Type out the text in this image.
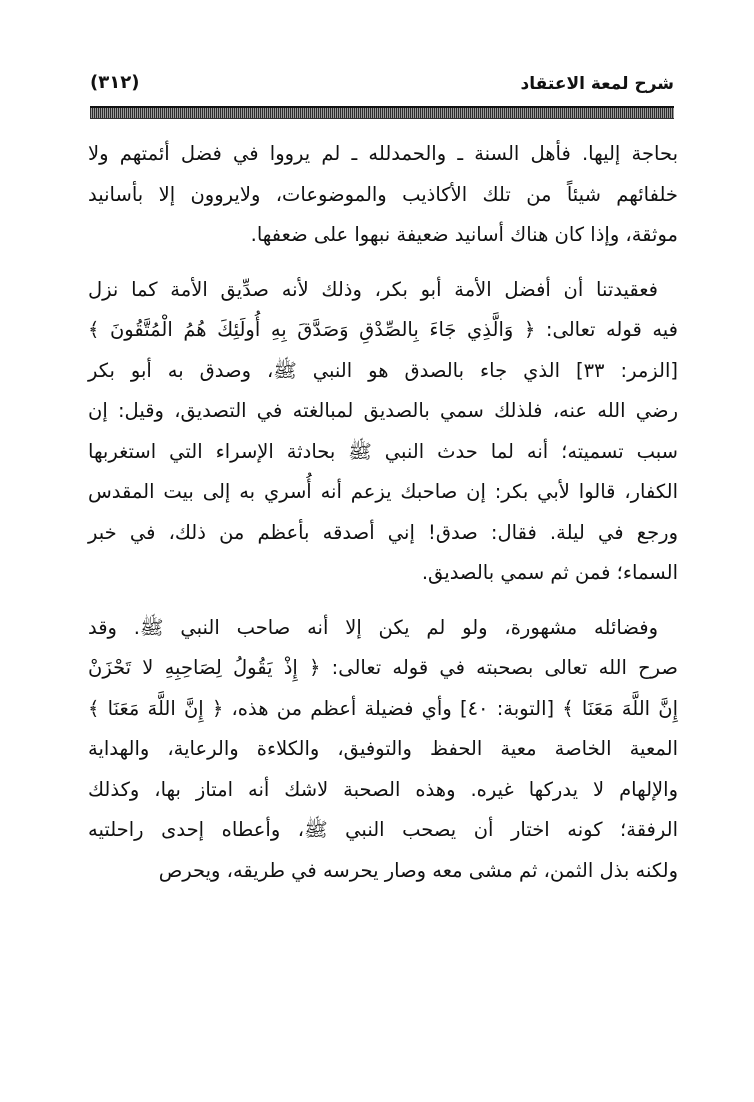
شرح لمعة الاعتقاد
(٣١٢)

بحاجة إليها. فأهل السنة ـ والحمدلله ـ لم يرووا في فضل أئمتهم ولا
خلفائهم شيئاً من تلك الأكاذيب والموضوعات، ولايروون إلا بأسانيد
موثقة، وإذا كان هناك أسانيد ضعيفة نبهوا على ضعفها.

فعقيدتنا أن أفضل الأمة أبو بكر، وذلك لأنه صدِّيق الأمة كما نزل
فيه قوله تعالى: ﴿ وَالَّذِي جَاءَ بِالصِّدْقِ وَصَدَّقَ بِهِ أُولَئِكَ هُمُ الْمُتَّقُونَ ﴾
[الزمر: ٣٣] الذي جاء بالصدق هو النبي ﷺ، وصدق به أبو بكر
رضي الله عنه، فلذلك سمي بالصديق لمبالغته في التصديق، وقيل: إن
سبب تسميته؛ أنه لما حدث النبي ﷺ بحادثة الإسراء التي استغربها
الكفار، قالوا لأبي بكر: إن صاحبك يزعم أنه أُسري به إلى بيت المقدس
ورجع في ليلة. فقال: صدق! إني أصدقه بأعظم من ذلك، في خبر
السماء؛ فمن ثم سمي بالصديق.

وفضائله مشهورة، ولو لم يكن إلا أنه صاحب النبي ﷺ. وقد
صرح الله تعالى بصحبته في قوله تعالى: ﴿ إِذْ يَقُولُ لِصَاحِبِهِ لا تَحْزَنْ
إِنَّ اللَّهَ مَعَنَا ﴾ [التوبة: ٤٠] وأي فضيلة أعظم من هذه، ﴿ إِنَّ اللَّهَ مَعَنَا ﴾
المعية الخاصة معية الحفظ والتوفيق، والكلاءة والرعاية، والهداية
والإلهام لا يدركها غيره. وهذه الصحبة لاشك أنه امتاز بها، وكذلك
الرفقة؛ كونه اختار أن يصحب النبي ﷺ، وأعطاه إحدى راحلتيه
ولكنه بذل الثمن، ثم مشى معه وصار يحرسه في طريقه، ويحرص
